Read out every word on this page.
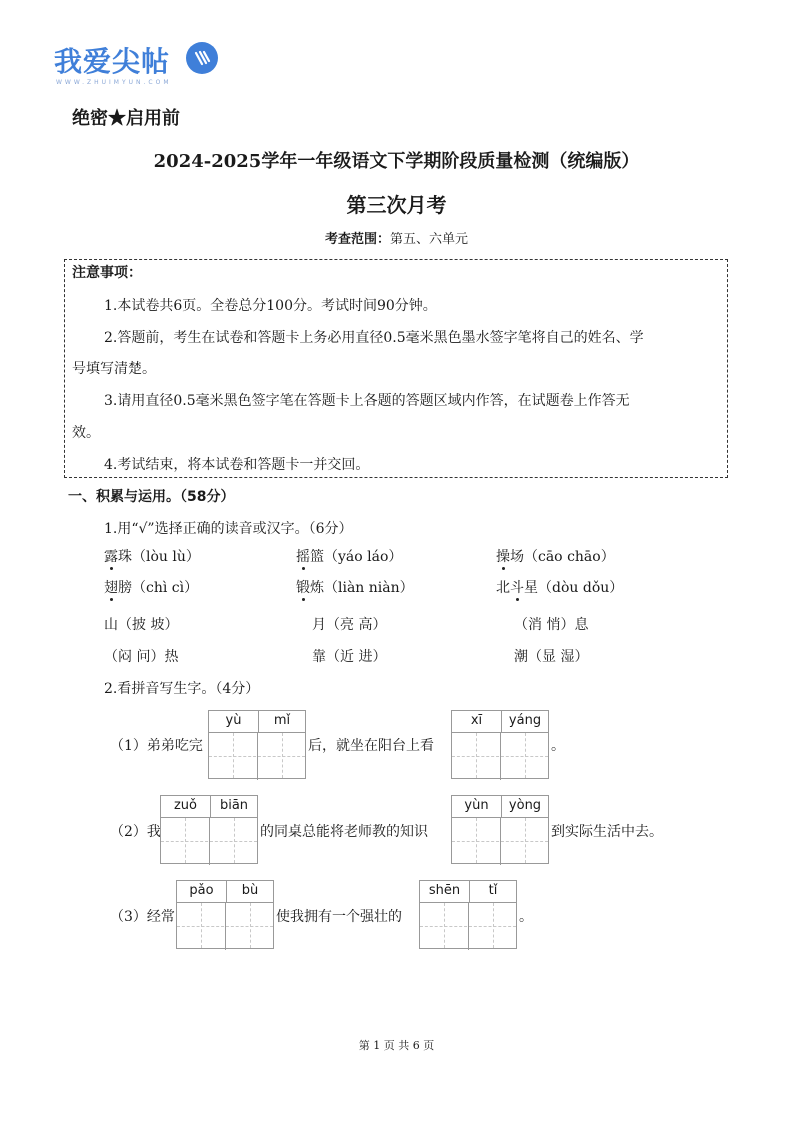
我爱尖帖
WWW.ZHUIMYUN.COM
绝密★启用前
2024-2025学年一年级语文下学期阶段质量检测（统编版）
第三次月考
考查范围：第五、六单元
注意事项：
1.本试卷共6页。全卷总分100分。考试时间90分钟。
2.答题前，考生在试卷和答题卡上务必用直径0.5毫米黑色墨水签字笔将自己的姓名、学
号填写清楚。
3.请用直径0.5毫米黑色签字笔在答题卡上各题的答题区域内作答，在试题卷上作答无
效。
4.考试结束，将本试卷和答题卡一并交回。
一、积累与运用。（58分）
1.用“√”选择正确的读音或汉字。（6分）
露珠（lòu lù）	摇篮（yáo láo）	操场（cāo chāo）
翅膀（chì cì）	锻炼（liàn niàn）	北斗星（dòu dǒu）
山（披 坡）	月（亮 高）	（消 悄）息
（闷 问）热	靠（近 进）	潮（显 湿）
2.看拼音写生字。（4分）
（1）弟弟吃完
yù	mǐ
后，就坐在阳台上看
xī	yáng
。
（2）我
zuǒ	biān
的同桌总能将老师教的知识
yùn	yòng
到实际生活中去。
（3）经常
pǎo	bù
使我拥有一个强壮的
shēn	tǐ
。
第 1 页 共 6 页
